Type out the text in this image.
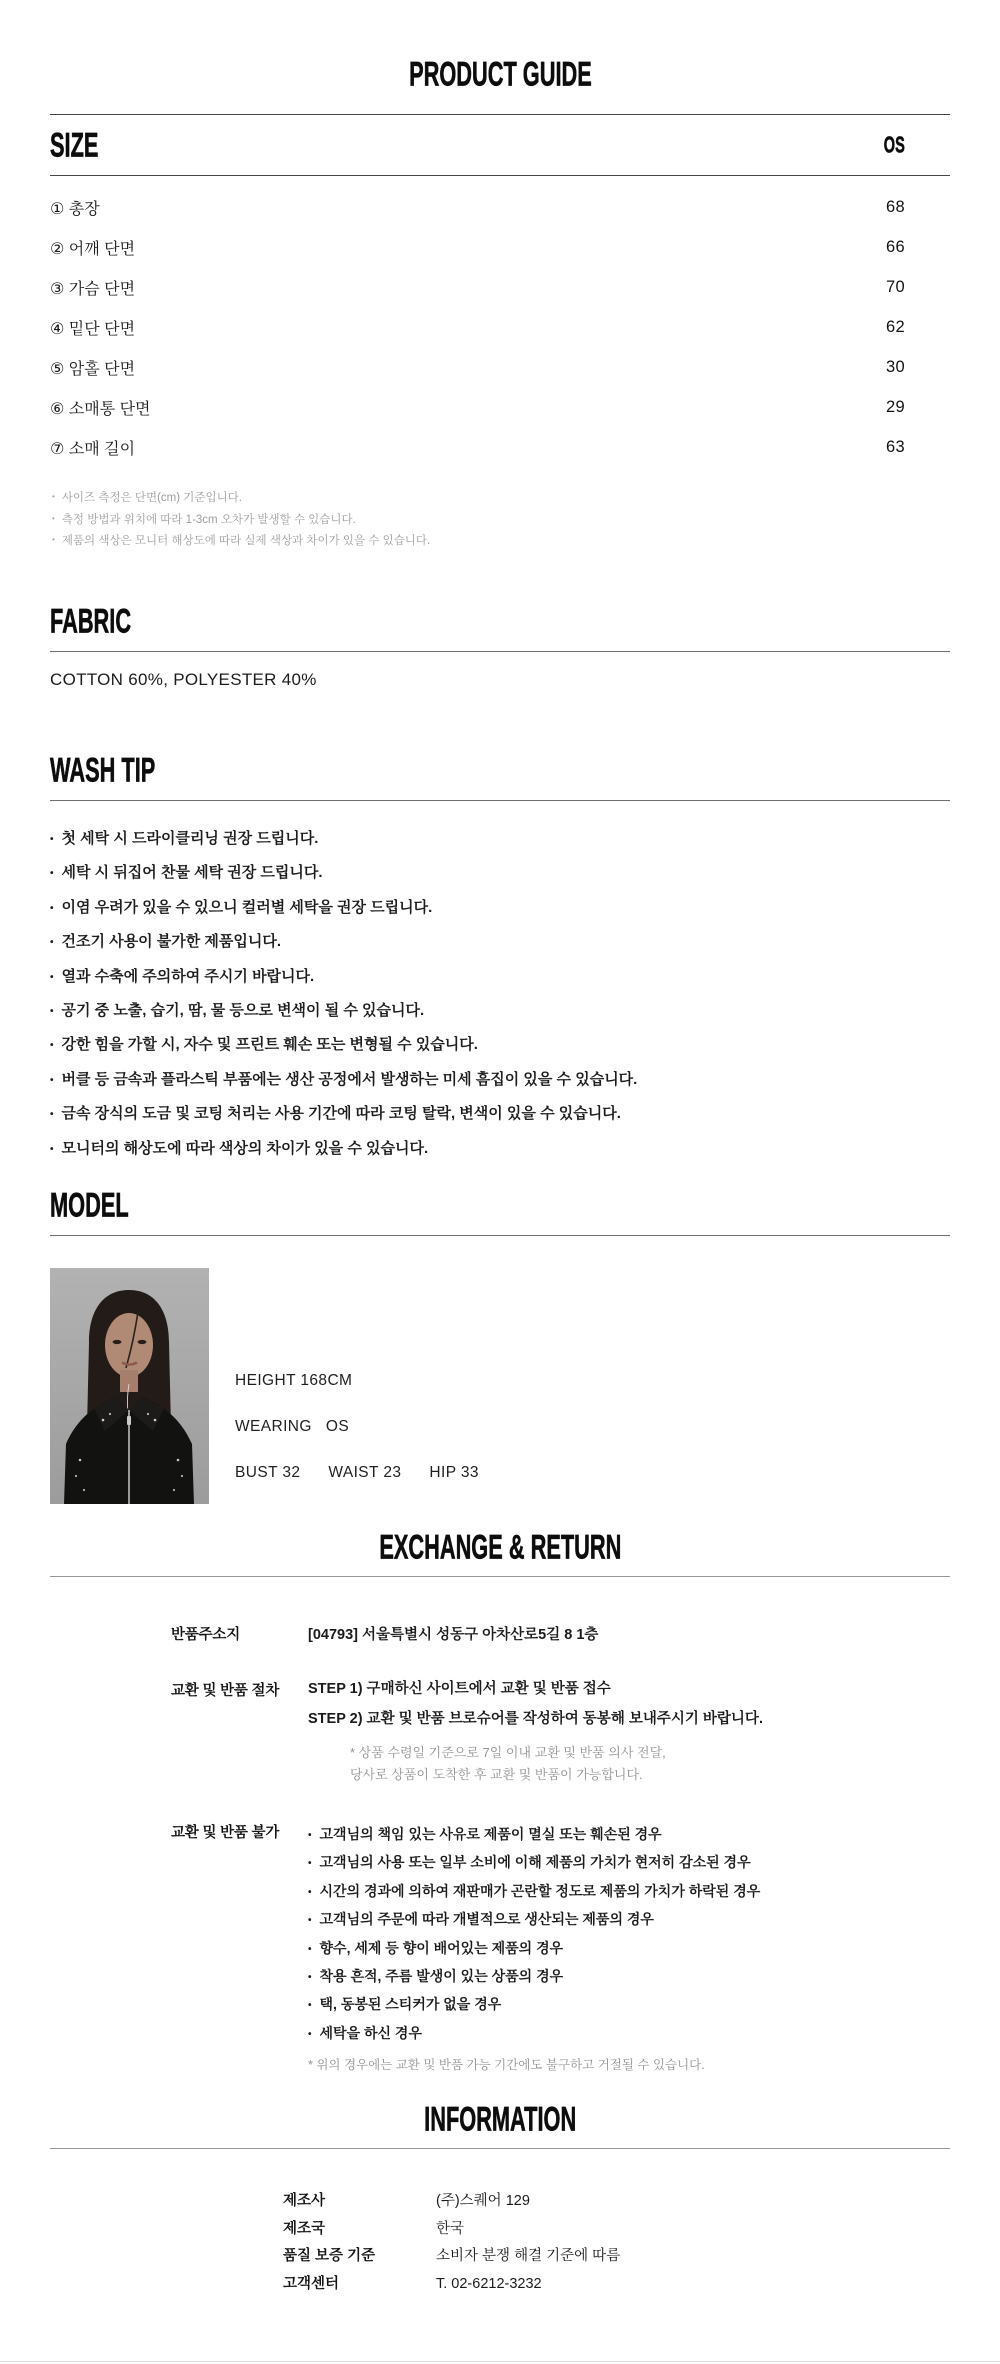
PRODUCT GUIDE
SIZE	OS
① 총장	68
② 어깨 단면	66
③ 가슴 단면	70
④ 밑단 단면	62
⑤ 암홀 단면	30
⑥ 소매통 단면	29
⑦ 소매 길이	63
• 사이즈 측정은 단면(cm) 기준입니다.
• 측정 방법과 위치에 따라 1-3cm 오차가 발생할 수 있습니다.
• 제품의 색상은 모니터 해상도에 따라 실제 색상과 차이가 있을 수 있습니다.
FABRIC
COTTON 60%, POLYESTER 40%
WASH TIP
• 첫 세탁 시 드라이클리닝 권장 드립니다.
• 세탁 시 뒤집어 찬물 세탁 권장 드립니다.
• 이염 우려가 있을 수 있으니 컬러별 세탁을 권장 드립니다.
• 건조기 사용이 불가한 제품입니다.
• 열과 수축에 주의하여 주시기 바랍니다.
• 공기 중 노출, 습기, 땀, 물 등으로 변색이 될 수 있습니다.
• 강한 힘을 가할 시, 자수 및 프린트 훼손 또는 변형될 수 있습니다.
• 버클 등 금속과 플라스틱 부품에는 생산 공정에서 발생하는 미세 흠집이 있을 수 있습니다.
• 금속 장식의 도금 및 코팅 처리는 사용 기간에 따라 코팅 탈락, 변색이 있을 수 있습니다.
• 모니터의 해상도에 따라 색상의 차이가 있을 수 있습니다.
MODEL

HEIGHT 168CM

WEARING OS

BUST 32 WAIST 23 HIP 33

EXCHANGE & RETURN
반품주소지	[04793] 서울특별시 성동구 아차산로5길 8 1층
교환 및 반품 절차	STEP 1) 구매하신 사이트에서 교환 및 반품 접수
STEP 2) 교환 및 반품 브로슈어를 작성하여 동봉해 보내주시기 바랍니다.
* 상품 수령일 기준으로 7일 이내 교환 및 반품 의사 전달,
당사로 상품이 도착한 후 교환 및 반품이 가능합니다.
교환 및 반품 불가	• 고객님의 책임 있는 사유로 제품이 멸실 또는 훼손된 경우
• 고객님의 사용 또는 일부 소비에 이해 제품의 가치가 현저히 감소된 경우
• 시간의 경과에 의하여 재판매가 곤란할 정도로 제품의 가치가 하락된 경우
• 고객님의 주문에 따라 개별적으로 생산되는 제품의 경우
• 향수, 세제 등 향이 배어있는 제품의 경우
• 착용 흔적, 주름 발생이 있는 상품의 경우
• 택, 동봉된 스티커가 없을 경우
• 세탁을 하신 경우
* 위의 경우에는 교환 및 반품 가능 기간에도 불구하고 거절될 수 있습니다.
INFORMATION
제조사	(주)스퀘어 129
제조국	한국
품질 보증 기준	소비자 분쟁 해결 기준에 따름
고객센터	T. 02-6212-3232
